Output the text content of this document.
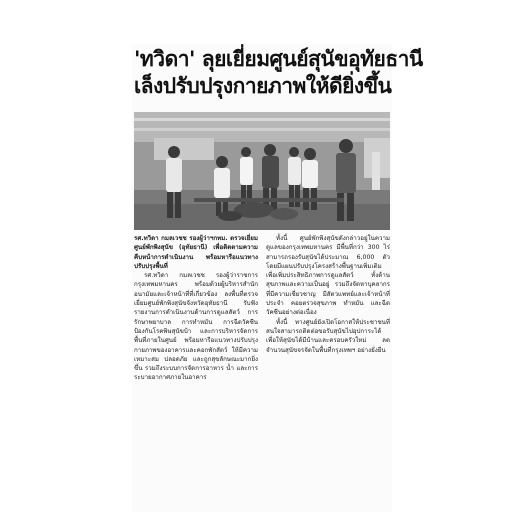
'ทวิดา' ลุยเยี่ยมศูนย์สุนัขอุทัยธานี
เล็งปรับปรุงกายภาพให้ดียิ่งขึ้น

รศ.ทวิดา กมลเวชช รองผู้ว่าฯกทม. ตรวจเยี่ยมศูนย์พักพิงสุนัข (อุทัยธานี) เพื่อติดตามความคืบหน้าการดำเนินงาน พร้อมหารือแนวทางปรับปรุงพื้นที่

รศ.ทวิดา กมลเวชช รองผู้ว่าราชการกรุงเทพมหานคร พร้อมด้วยผู้บริหารสำนักอนามัยและเจ้าหน้าที่ที่เกี่ยวข้อง ลงพื้นที่ตรวจเยี่ยมศูนย์พักพิงสุนัขจังหวัดอุทัยธานี รับฟังรายงานการดำเนินงานด้านการดูแลสัตว์ การรักษาพยาบาล การทำหมัน การฉีดวัคซีนป้องกันโรคพิษสุนัขบ้า และการบริหารจัดการพื้นที่ภายในศูนย์ พร้อมหารือแนวทางปรับปรุงกายภาพของอาคารและคอกพักสัตว์ ให้มีความเหมาะสม ปลอดภัย และถูกสุขลักษณะมากยิ่งขึ้น รวมถึงระบบการจัดการอาหาร น้ำ และการระบายอากาศภายในอาคาร

ทั้งนี้ ศูนย์พักพิงสุนัขดังกล่าวอยู่ในความดูแลของกรุงเทพมหานคร มีพื้นที่กว่า 300 ไร่ สามารถรองรับสุนัขได้ประมาณ 6,000 ตัว โดยมีแผนปรับปรุงโครงสร้างพื้นฐานเพิ่มเติม เพื่อเพิ่มประสิทธิภาพการดูแลสัตว์ ทั้งด้านสุขภาพและความเป็นอยู่ รวมถึงจัดหาบุคลากรที่มีความเชี่ยวชาญ มีสัตวแพทย์และเจ้าหน้าที่ประจำ คอยตรวจสุขภาพ ทำหมัน และฉีดวัคซีนอย่างต่อเนื่อง

ทั้งนี้ ทางศูนย์ยังเปิดโอกาสให้ประชาชนที่สนใจสามารถติดต่อขอรับสุนัขไปอุปการะได้ เพื่อให้สุนัขได้มีบ้านและครอบครัวใหม่ ลดจำนวนสุนัขจรจัดในพื้นที่กรุงเทพฯ อย่างยั่งยืน
